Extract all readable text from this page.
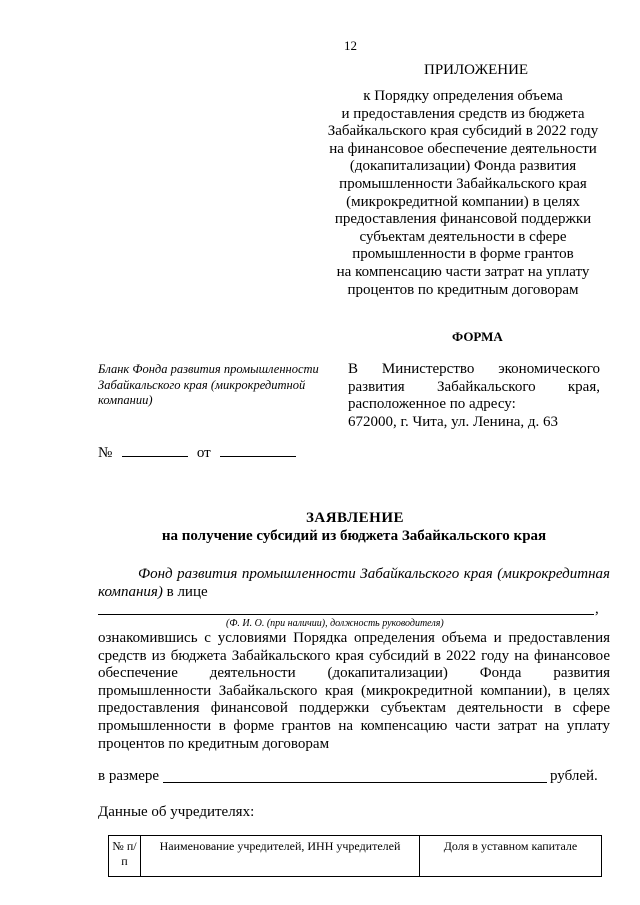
12
ПРИЛОЖЕНИЕ
к Порядку определения объема
и предоставления средств из бюджета
Забайкальского края субсидий в 2022 году
на финансовое обеспечение деятельности
(докапитализации) Фонда развития
промышленности Забайкальского края
(микрокредитной компании) в целях
предоставления финансовой поддержки
субъектам деятельности в сфере
промышленности в форме грантов
на компенсацию части затрат на уплату
процентов по кредитным договорам
ФОРМА
Бланк Фонда развития промышленности Забайкальского края (микрокредитной компании)
В Министерство экономического
развития Забайкальского края,
расположенное по адресу:
672000, г. Чита, ул. Ленина, д. 63
№	от
ЗАЯВЛЕНИЕ
на получение субсидий из бюджета Забайкальского края
Фонд развития промышленности Забайкальского края (микрокредитная компания) в лице
,
(Ф. И. О. (при наличии), должность руководителя)
ознакомившись с условиями Порядка определения объема и предоставления
средств из бюджета Забайкальского края субсидий в 2022 году на финансовое
обеспечение деятельности (докапитализации) Фонда развития
промышленности Забайкальского края (микрокредитной компании), в целях
предоставления финансовой поддержки субъектам деятельности в сфере
промышленности в форме грантов на компенсацию части затрат на уплату
процентов по кредитным договорам
в размере	рублей.
Данные об учредителях:
№ п/п	Наименование учредителей, ИНН учредителей	Доля в уставном капитале
